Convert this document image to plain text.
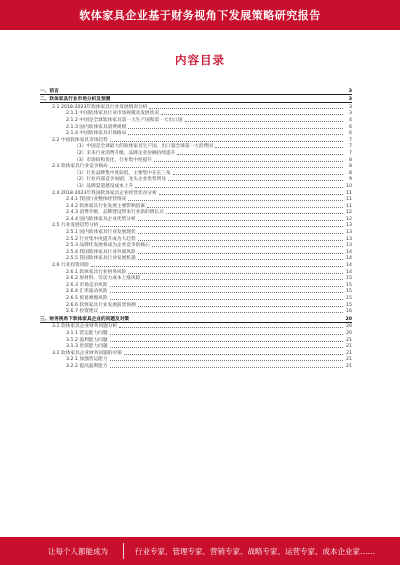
软体家具企业基于财务视角下发展策略研究报告
内容目录
一、前言	3
二、软体家具行业市场分析及预测	3
2.1 2018-2023年软体家具行业发展情况分析	3
2.1.1 中国软体家具行业市场规模及发展状况	3
2.1.2 中国是全球软体家具第一大生产国和第一大出口国	4
2.1.3 国内软体家具消费规模	6
2.1.4 中国软体家具市场格局	6
2.2 中国软体家具市场趋势	7
（1）中国是全球最大的软体家具生产国，出口量全球第一大消费国	7
（2）未来行业消费升级，品牌企业份额持续提升	7
（3）市场结构优化，行业集中度提升	8
2.3 软体家具行业竞争格局	8
（1）行业品牌集中度较低，主要集中在长三角	8
（2）行业内部竞争加剧，龙头企业优势明显	9
（3）品牌渠道建设成本上升	10
2.4 2018-2023年我国软体家具企业经营状况分析	11
2.4.1 我国行业整体经营情况	11
2.4.2 软体家具行业发展主要影响因素	11
2.4.3 消费升级、品牌建设带来行业新的增长点	12
2.4.4 国内软体家具企业优势分析	12
2.5 行业发展趋势分析	13
2.5.1 国内软体家具行业发展现状	13
2.5.2 行业集中度提升成为大趋势	13
2.5.3 品牌化发展将成为企业竞争的核心	13
2.5.4 我国软体家具行业外部风险	14
2.5.5 我国软体家具行业发展机遇	14
2.6 行业投资风险	14
2.6.1 软体家具行业财务风险	14
2.6.2 原材料、劳动力成本上涨风险	15
2.6.3 市场竞争风险	15
2.6.4 汇率波动风险	15
2.6.5 贸易摩擦风险	15
2.6.6 软体家具行业发展前景预测	15
2.6.7 投资建议	16
三、财务视角下软体家具企业的问题及对策	20
3.1 软体家具企业财务问题分析	20
3.1.1 营运能力问题	20
3.1.2 盈利能力问题	21
3.1.3 偿债能力问题	21
3.2 软体家具企业财务问题的对策	21
3.2.1 加强营运能力	21
3.2.2 提高盈利能力	21
让每个人都能成为	行业专家、管理专家、营销专家、战略专家、运营专家、成本企业家……
